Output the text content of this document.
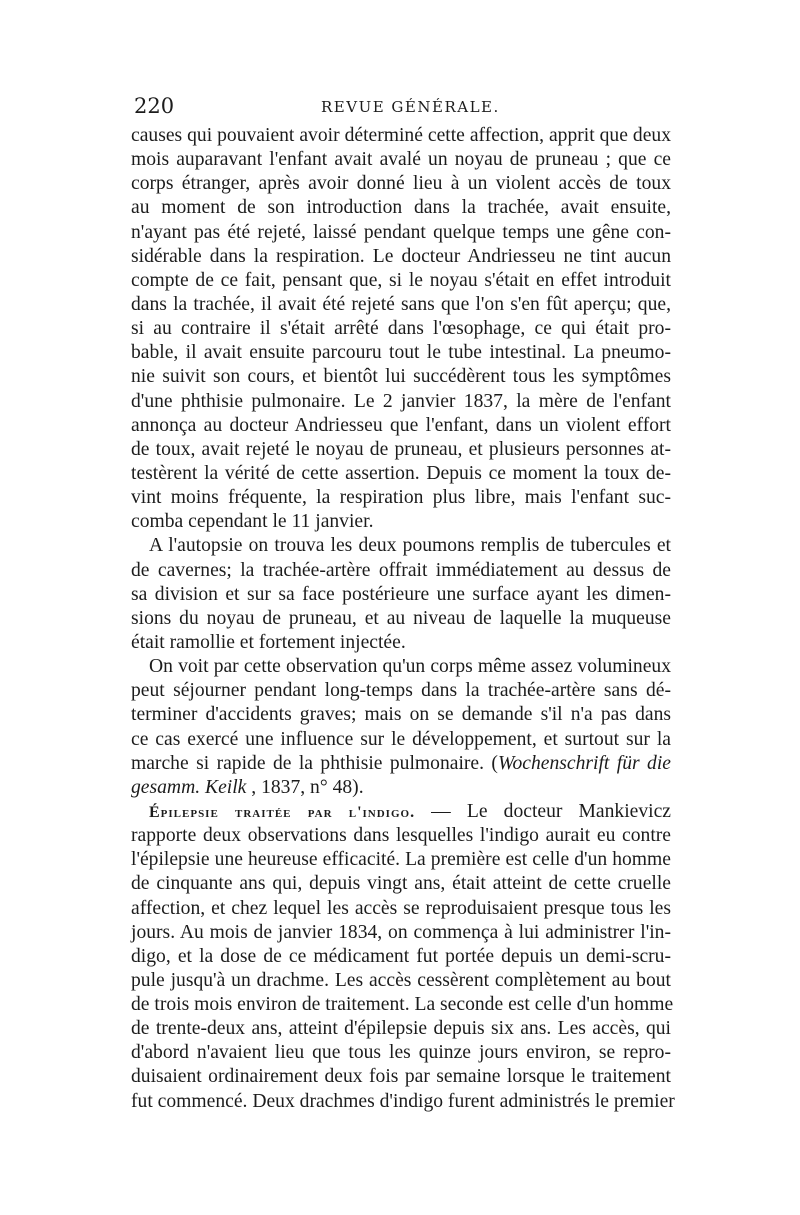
220	REVUE GÉNÉRALE.

causes qui pouvaient avoir déterminé cette affection, apprit que deux
mois auparavant l'enfant avait avalé un noyau de pruneau ; que ce
corps étranger, après avoir donné lieu à un violent accès de toux
au moment de son introduction dans la trachée, avait ensuite,
n'ayant pas été rejeté, laissé pendant quelque temps une gêne con-
sidérable dans la respiration. Le docteur Andriesseu ne tint aucun
compte de ce fait, pensant que, si le noyau s'était en effet introduit
dans la trachée, il avait été rejeté sans que l'on s'en fût aperçu; que,
si au contraire il s'était arrêté dans l'œsophage, ce qui était pro-
bable, il avait ensuite parcouru tout le tube intestinal. La pneumo-
nie suivit son cours, et bientôt lui succédèrent tous les symptômes
d'une phthisie pulmonaire. Le 2 janvier 1837, la mère de l'enfant
annonça au docteur Andriesseu que l'enfant, dans un violent effort
de toux, avait rejeté le noyau de pruneau, et plusieurs personnes at-
testèrent la vérité de cette assertion. Depuis ce moment la toux de-
vint moins fréquente, la respiration plus libre, mais l'enfant suc-
comba cependant le 11 janvier.

A l'autopsie on trouva les deux poumons remplis de tubercules et
de cavernes; la trachée-artère offrait immédiatement au dessus de
sa division et sur sa face postérieure une surface ayant les dimen-
sions du noyau de pruneau, et au niveau de laquelle la muqueuse
était ramollie et fortement injectée.

On voit par cette observation qu'un corps même assez volumineux
peut séjourner pendant long-temps dans la trachée-artère sans dé-
terminer d'accidents graves; mais on se demande s'il n'a pas dans
ce cas exercé une influence sur le développement, et surtout sur la
marche si rapide de la phthisie pulmonaire. (Wochenschrift für die
gesamm. Keilk , 1837, n° 48).

Épilepsie traitée par l'indigo. — Le docteur Mankievicz
rapporte deux observations dans lesquelles l'indigo aurait eu contre
l'épilepsie une heureuse efficacité. La première est celle d'un homme
de cinquante ans qui, depuis vingt ans, était atteint de cette cruelle
affection, et chez lequel les accès se reproduisaient presque tous les
jours. Au mois de janvier 1834, on commença à lui administrer l'in-
digo, et la dose de ce médicament fut portée depuis un demi-scru-
pule jusqu'à un drachme. Les accès cessèrent complètement au bout
de trois mois environ de traitement. La seconde est celle d'un homme
de trente-deux ans, atteint d'épilepsie depuis six ans. Les accès, qui
d'abord n'avaient lieu que tous les quinze jours environ, se repro-
duisaient ordinairement deux fois par semaine lorsque le traitement
fut commencé. Deux drachmes d'indigo furent administrés le premier
